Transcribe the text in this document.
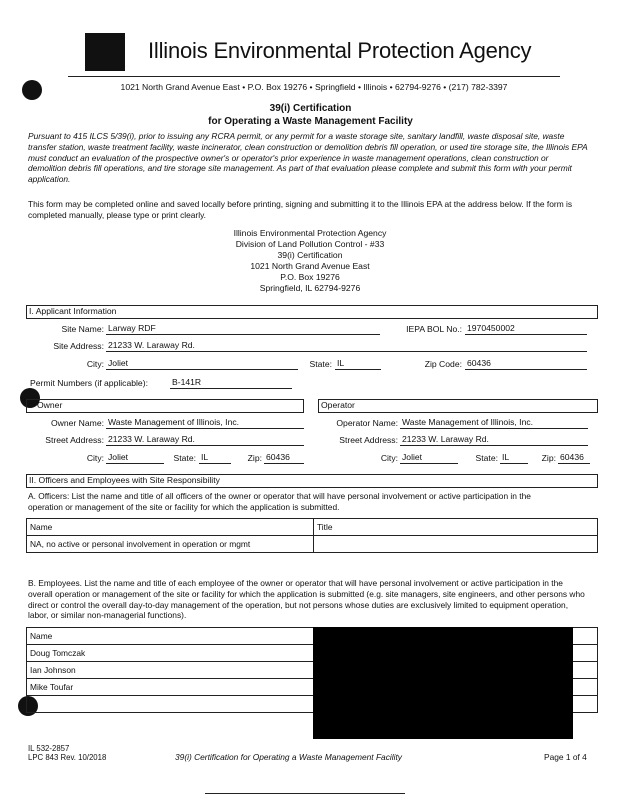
Illinois Environmental Protection Agency
1021 North Grand Avenue East • P.O. Box 19276 • Springfield • Illinois • 62794-9276 • (217) 782-3397
39(i) Certification
for Operating a Waste Management Facility
Pursuant to 415 ILCS 5/39(i), prior to issuing any RCRA permit, or any permit for a waste storage site, sanitary landfill, waste disposal site, waste transfer station, waste treatment facility, waste incinerator, clean construction or demolition debris fill operation, or used tire storage site, the Illinois EPA must conduct an evaluation of the prospective owner's or operator's prior experience in waste management operations, clean construction or demolition debris fill operations, and tire storage site management. As part of that evaluation please complete and submit this form with your permit application.
This form may be completed online and saved locally before printing, signing and submitting it to the Illinois EPA at the address below. If the form is completed manually, please type or print clearly.
Illinois Environmental Protection Agency
Division of Land Pollution Control - #33
39(i) Certification
1021 North Grand Avenue East
P.O. Box 19276
Springfield, IL 62794-9276
I. Applicant Information
Site Name: Larway RDF	IEPA BOL No.: 1970450002
Site Address: 21233 W. Laraway Rd.
City: Joliet	State: IL	Zip Code: 60436
Permit Numbers (if applicable):	B-141R
Owner	Operator
Owner Name: Waste Management of Illinois, Inc.	Operator Name: Waste Management of Illinois, Inc.
Street Address: 21233 W. Laraway Rd.	Street Address: 21233 W. Laraway Rd.
City: Joliet	State: IL	Zip: 60436	City: Joliet	State: IL	Zip: 60436
II. Officers and Employees with Site Responsibility
A. Officers: List the name and title of all officers of the owner or operator that will have personal involvement or active participation in the operation or management of the site or facility for which the application is submitted.
Name	Title
NA, no active or personal involvement in operation or mgmt	
B. Employees. List the name and title of each employee of the owner or operator that will have personal involvement or active participation in the overall operation or management of the site or facility for which the application is submitted (e.g. site managers, site engineers, and other persons who direct or control the overall day-to-day management of the operation, but not persons whose duties are exclusively limited to equipment operation, labor, or similar non-managerial functions).
Name	
Doug Tomczak	
Ian Johnson	
Mike Toufar	

IL 532-2857
LPC 843 Rev. 10/2018	39(i) Certification for Operating a Waste Management Facility	Page 1 of 4
